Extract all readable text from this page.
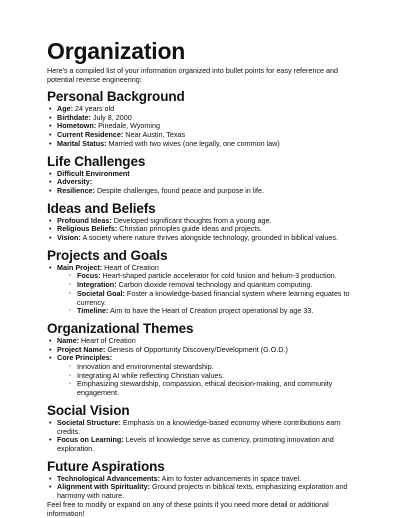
Organization

Here's a compiled list of your information organized into bullet points for easy reference and potential reverse engineering:

Personal Background
• Age: 24 years old
• Birthdate: July 8, 2000
• Hometown: Pinedale, Wyoming
• Current Residence: Near Austin, Texas
• Marital Status: Married with two wives (one legally, one common law)
Life Challenges
• Difficult Environment
• Adversity:
• Resilience: Despite challenges, found peace and purpose in life.
Ideas and Beliefs
• Profound Ideas: Developed significant thoughts from a young age.
• Religious Beliefs: Christian principles guide ideas and projects.
• Vision: A society where nature thrives alongside technology, grounded in biblical values.
Projects and Goals
• Main Project: Heart of Creation
◦ Focus: Heart-shaped particle accelerator for cold fusion and helium-3 production.
◦ Integration: Carbon dioxide removal technology and quantum computing.
◦ Societal Goal: Foster a knowledge-based financial system where learning equates to currency.
◦ Timeline: Aim to have the Heart of Creation project operational by age 33.
Organizational Themes
• Name: Heart of Creation
• Project Name: Genesis of Opportunity Discovery/Development (G.O.D.)
• Core Principles:
◦ Innovation and environmental stewardship.
◦ Integrating AI while reflecting Christian values.
◦ Emphasizing stewardship, compassion, ethical decision-making, and community engagement.
Social Vision
• Societal Structure: Emphasis on a knowledge-based economy where contributions earn credits.
• Focus on Learning: Levels of knowledge serve as currency, promoting innovation and exploration.
Future Aspirations
• Technological Advancements: Aim to foster advancements in space travel.
• Alignment with Spirituality: Ground projects in biblical texts, emphasizing exploration and harmony with nature.

Feel free to modify or expand on any of these points if you need more detail or additional information!
